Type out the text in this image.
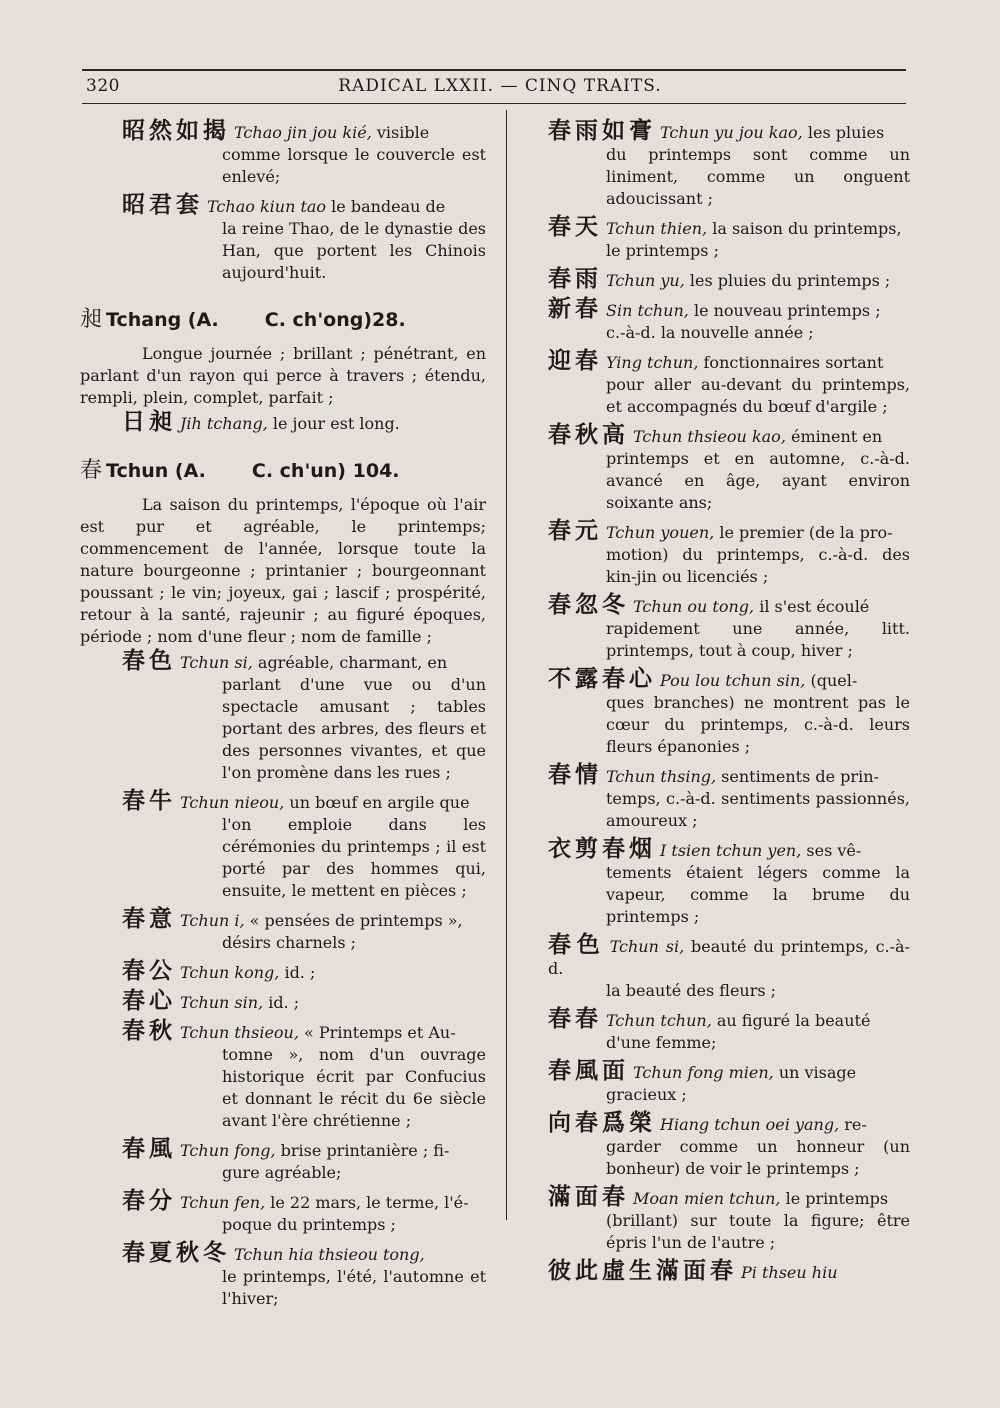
320	RADICAL LXXII. — CINQ TRAITS.
昭然如揭 Tchao jin jou kié, visible
comme lorsque le couvercle est enlevé;
昭君套 Tchao kiun tao le bandeau de
la reine Thao, de le dynastie des Han, que portent les Chinois aujourd'huit.
昶 Tchang (A. C. ch'ong)28.

Longue journée ; brillant ; pénétrant, en parlant d'un rayon qui perce à travers ; étendu, rempli, plein, complet, parfait ;

日昶 Jih tchang, le jour est long.
春 Tchun (A. C. ch'un) 104.

La saison du printemps, l'époque où l'air est pur et agréable, le printemps; commencement de l'année, lorsque toute la nature bourgeonne ; printanier ; bourgeonnant poussant ; le vin; joyeux, gai ; lascif ; prospérité, retour à la santé, rajeunir ; au figuré époques, période ; nom d'une fleur ; nom de famille ;

春色 Tchun si, agréable, charmant, en
parlant d'une vue ou d'un spectacle amusant ; tables portant des arbres, des fleurs et des personnes vivantes, et que l'on promène dans les rues ;
春牛 Tchun nieou, un bœuf en argile que
l'on emploie dans les cérémonies du printemps ; il est porté par des hommes qui, ensuite, le mettent en pièces ;
春意 Tchun i, « pensées de printemps »,
désirs charnels ;
春公 Tchun kong, id. ;
春心 Tchun sin, id. ;
春秋 Tchun thsieou, « Printemps et Au-
tomne », nom d'un ouvrage historique écrit par Confucius et donnant le récit du 6e siècle avant l'ère chrétienne ;
春風 Tchun fong, brise printanière ; fi-
gure agréable;
春分 Tchun fen, le 22 mars, le terme, l'é-
poque du printemps ;
春夏秋冬 Tchun hia thsieou tong,
le printemps, l'été, l'automne et l'hiver;
春雨如膏 Tchun yu jou kao, les pluies
du printemps sont comme un liniment, comme un onguent adoucissant ;
春天 Tchun thien, la saison du printemps,
le printemps ;
春雨 Tchun yu, les pluies du printemps ;
新春 Sin tchun, le nouveau printemps ;
c.-à-d. la nouvelle année ;
迎春 Ying tchun, fonctionnaires sortant
pour aller au-devant du printemps, et accompagnés du bœuf d'argile ;
春秋高 Tchun thsieou kao, éminent en
printemps et en automne, c.-à-d. avancé en âge, ayant environ soixante ans;
春元 Tchun youen, le premier (de la pro-
motion) du printemps, c.-à-d. des kin-jin ou licenciés ;
春忽冬 Tchun ou tong, il s'est écoulé
rapidement une année, litt. printemps, tout à coup, hiver ;
不露春心 Pou lou tchun sin, (quel-
ques branches) ne montrent pas le cœur du printemps, c.-à-d. leurs fleurs épanonies ;
春情 Tchun thsing, sentiments de prin-
temps, c.-à-d. sentiments passionnés, amoureux ;
衣剪春烟 I tsien tchun yen, ses vê-
tements étaient légers comme la vapeur, comme la brume du printemps ;
春色 Tchun si, beauté du printemps, c.-à-d.
la beauté des fleurs ;
春春 Tchun tchun, au figuré la beauté
d'une femme;
春風面 Tchun fong mien, un visage
gracieux ;
向春爲榮 Hiang tchun oei yang, re-
garder comme un honneur (un bonheur) de voir le printemps ;
滿面春 Moan mien tchun, le printemps
(brillant) sur toute la figure; être épris l'un de l'autre ;
彼此虛生滿面春 Pi thseu hiu
